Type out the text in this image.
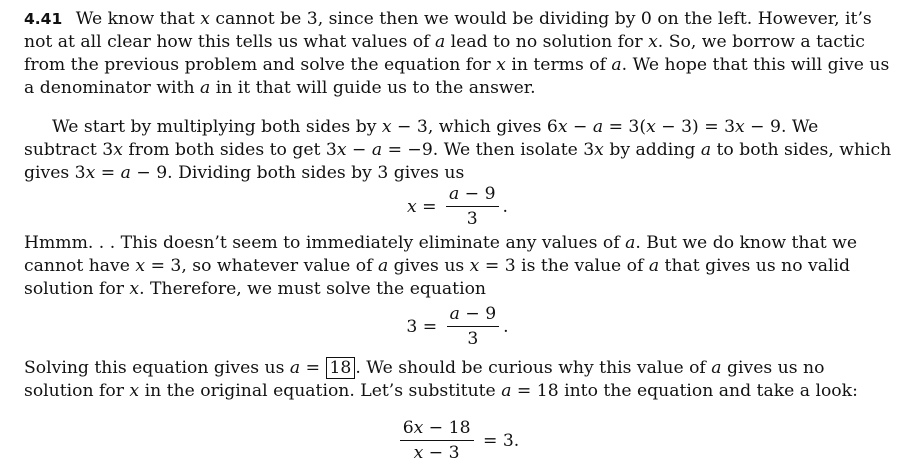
4.41 We know that x cannot be 3, since then we would be dividing by 0 on the left. However, it’s not at all clear how this tells us what values of a lead to no solution for x. So, we borrow a tactic from the previous problem and solve the equation for x in terms of a. We hope that this will give us a denominator with a in it that will guide us to the answer.

We start by multiplying both sides by x − 3, which gives 6x − a = 3(x − 3) = 3x − 9. We subtract 3x from both sides to get 3x − a = −9. We then isolate 3x by adding a to both sides, which gives 3x = a − 9. Dividing both sides by 3 gives us

$x = \frac{a - 9}{3}$ .

Hmmm. . . This doesn’t seem to immediately eliminate any values of a. But we do know that we cannot have x = 3, so whatever value of a gives us x = 3 is the value of a that gives us no valid solution for x. Therefore, we must solve the equation

$3 = \frac{a - 9}{3}$ .

Solving this equation gives us a = 18 . We should be curious why this value of a gives us no solution for x in the original equation. Let’s substitute a = 18 into the equation and take a look:

$\frac{6x - 18}{x - 3} = 3$.
